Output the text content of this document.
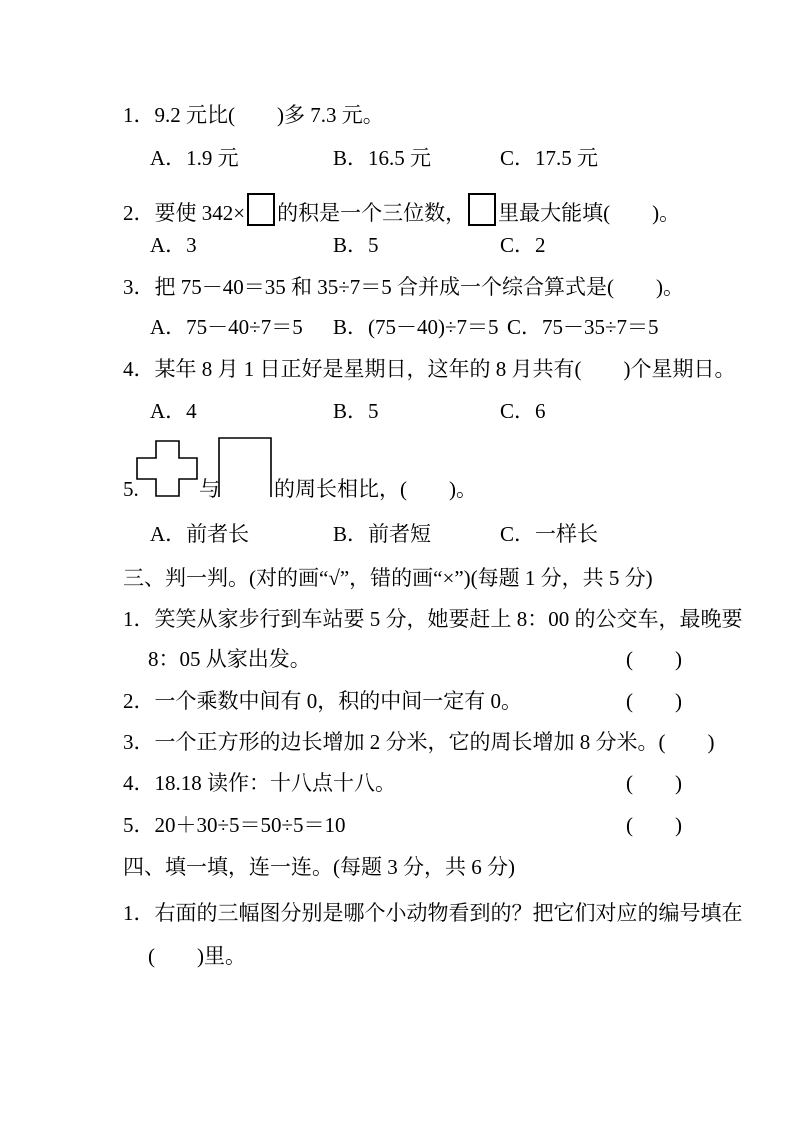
1．9.2 元比(　　)多 7.3 元。
A．1.9 元	B．16.5 元	C．17.5 元
2．要使 342× 的积是一个三位数， 里最大能填(　　)。
A．3	B．5	C．2
3．把 75－40＝35 和 35÷7＝5 合并成一个综合算式是(　　)。
A．75－40÷7＝5 B．(75－40)÷7＝5 C．75－35÷7＝5
4．某年 8 月 1 日正好是星期日，这年的 8 月共有(　　)个星期日。
A．4	B．5	C．6
5.	与	的周长相比，(　　)。
A．前者长	B．前者短	C．一样长
三、判一判。(对的画“√”，错的画“×”)(每题 1 分，共 5 分)
1．笑笑从家步行到车站要 5 分，她要赶上 8：00 的公交车，最晚要
8：05 从家出发。	(　　)
2．一个乘数中间有 0，积的中间一定有 0。	(　　)
3．一个正方形的边长增加 2 分米，它的周长增加 8 分米。 (　　)
4．18.18 读作：十八点十八。	(　　)
5．20＋30÷5＝50÷5＝10	(　　)
四、填一填，连一连。(每题 3 分，共 6 分)
1．右面的三幅图分别是哪个小动物看到的？把它们对应的编号填在
(　　)里。
